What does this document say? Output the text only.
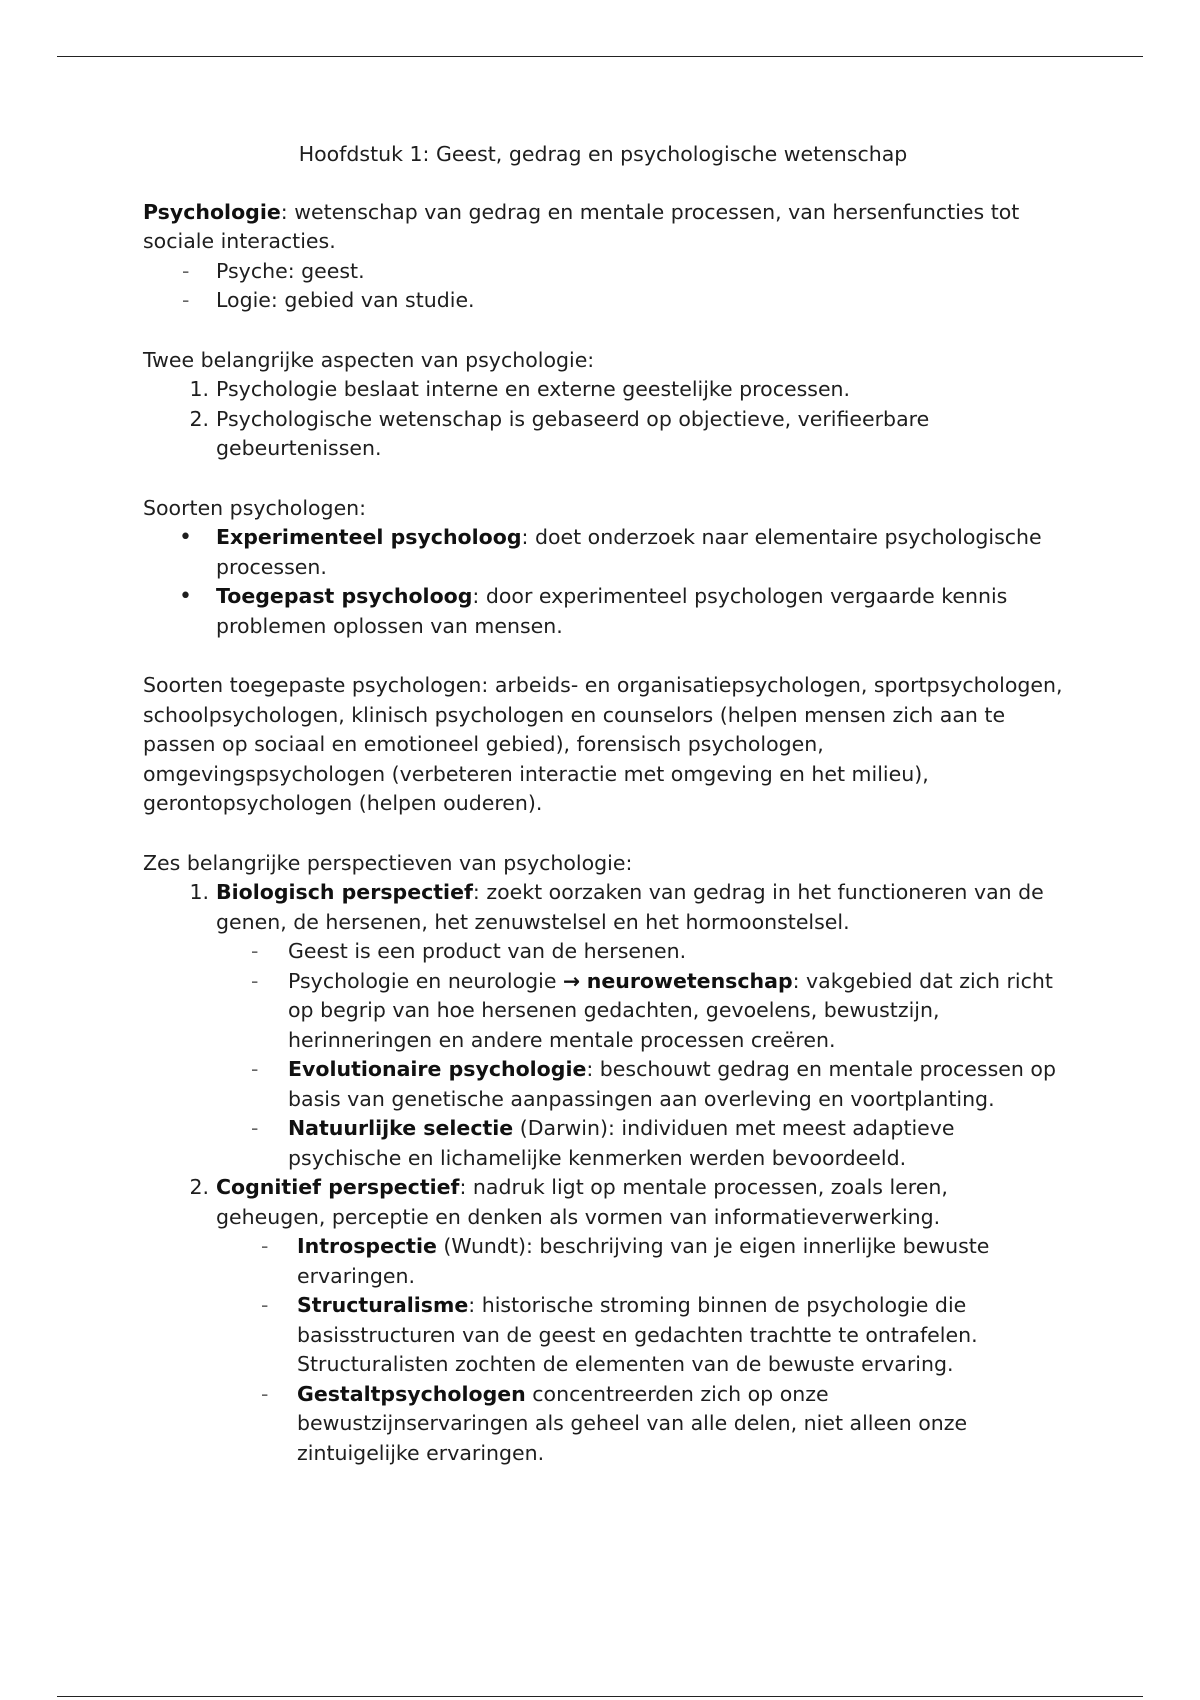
Hoofdstuk 1: Geest, gedrag en psychologische wetenschap

Psychologie: wetenschap van gedrag en mentale processen, van hersenfuncties tot sociale interacties.

- Psyche: geest.
- Logie: gebied van studie.

Twee belangrijke aspecten van psychologie:

1. Psychologie beslaat interne en externe geestelijke processen.
2. Psychologische wetenschap is gebaseerd op objectieve, verifieerbare gebeurtenissen.

Soorten psychologen:

• Experimenteel psycholoog: doet onderzoek naar elementaire psychologische processen.
• Toegepast psycholoog: door experimenteel psychologen vergaarde kennis problemen oplossen van mensen.

Soorten toegepaste psychologen: arbeids- en organisatiepsychologen, sportpsychologen, schoolpsychologen, klinisch psychologen en counselors (helpen mensen zich aan te passen op sociaal en emotioneel gebied), forensisch psychologen, omgevingspsychologen (verbeteren interactie met omgeving en het milieu), gerontopsychologen (helpen ouderen).

Zes belangrijke perspectieven van psychologie:

1. Biologisch perspectief: zoekt oorzaken van gedrag in het functioneren van de genen, de hersenen, het zenuwstelsel en het hormoonstelsel.
- Geest is een product van de hersenen.
- Psychologie en neurologie → neurowetenschap: vakgebied dat zich richt op begrip van hoe hersenen gedachten, gevoelens, bewustzijn, herinneringen en andere mentale processen creëren.
- Evolutionaire psychologie: beschouwt gedrag en mentale processen op basis van genetische aanpassingen aan overleving en voortplanting.
- Natuurlijke selectie (Darwin): individuen met meest adaptieve psychische en lichamelijke kenmerken werden bevoordeeld.
2. Cognitief perspectief: nadruk ligt op mentale processen, zoals leren, geheugen, perceptie en denken als vormen van informatieverwerking.
- Introspectie (Wundt): beschrijving van je eigen innerlijke bewuste ervaringen.
- Structuralisme: historische stroming binnen de psychologie die basisstructuren van de geest en gedachten trachtte te ontrafelen. Structuralisten zochten de elementen van de bewuste ervaring.
- Gestaltpsychologen concentreerden zich op onze bewustzijnservaringen als geheel van alle delen, niet alleen onze zintuigelijke ervaringen.
